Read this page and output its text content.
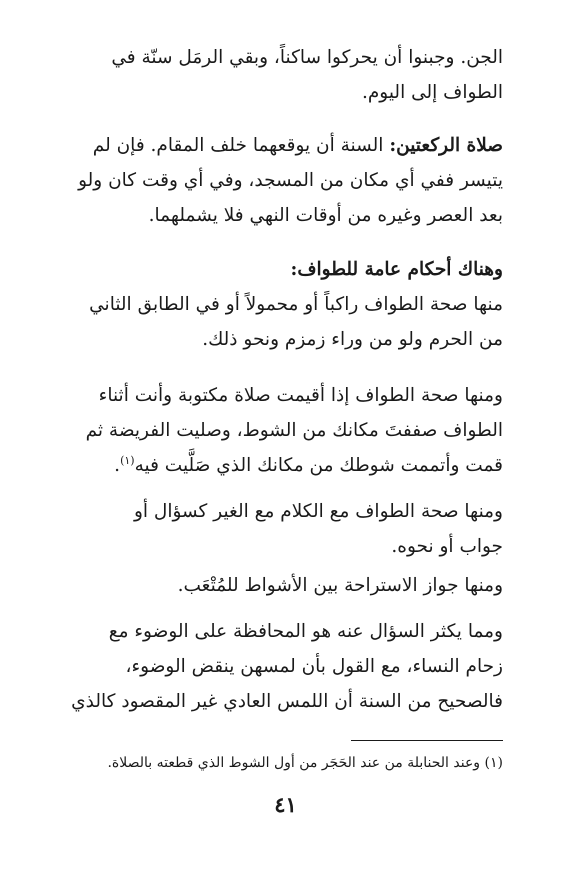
الجن. وجبنوا أن يحركوا ساكناً، وبقي الرمَل سنّة في
الطواف إلى اليوم.

صلاة الركعتين: السنة أن يوقعهما خلف المقام. فإن لم
يتيسر ففي أي مكان من المسجد، وفي أي وقت كان ولو
بعد العصر وغيره من أوقات النهي فلا يشملهما.

وهناك أحكام عامة للطواف:
منها صحة الطواف راكباً أو محمولاً أو في الطابق الثاني
من الحرم ولو من وراء زمزم ونحو ذلك.

ومنها صحة الطواف إذا أقيمت صلاة مكتوبة وأنت أثناء
الطواف صففتَ مكانك من الشوط، وصليت الفريضة ثم
قمت وأتممت شوطك من مكانك الذي صَلَّيت فيه$^{(١)}$.

ومنها صحة الطواف مع الكلام مع الغير كسؤال أو
جواب أو نحوه.

ومنها جواز الاستراحة بين الأشواط للمُتْعَب.

ومما يكثر السؤال عنه هو المحافظة على الوضوء مع
زحام النساء، مع القول بأن لمسهن ينقض الوضوء،
فالصحيح من السنة أن اللمس العادي غير المقصود كالذي

(١) وعند الحنابلة من عند الحَجَر من أول الشوط الذي قطعته بالصلاة.
٤١
